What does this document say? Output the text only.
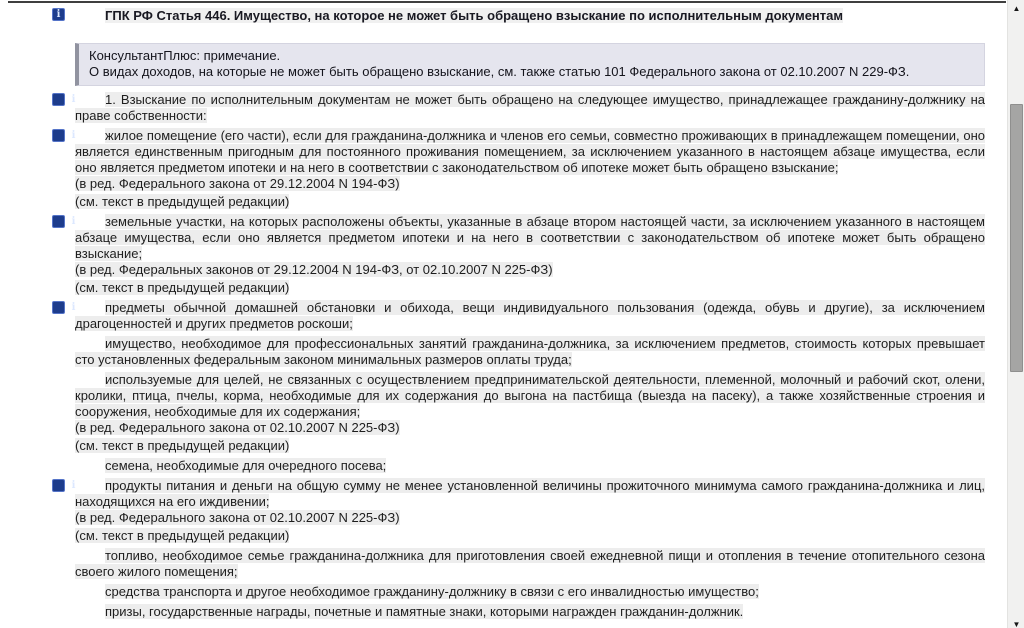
i	ГПК РФ Статья 446. Имущество, на которое не может быть обращено взыскание по исполнительным документам

КонсультантПлюс: примечание.

О видах доходов, на которые не может быть обращено взыскание, см. также статью 101 Федерального закона от 02.10.2007 N 229-ФЗ.

i 1. Взыскание по исполнительным документам не может быть обращено на следующее имущество, принадлежащее гражданину-должнику на праве собственности:
i жилое помещение (его части), если для гражданина-должника и членов его семьи, совместно проживающих в принадлежащем помещении, оно является единственным пригодным для постоянного проживания помещением, за исключением указанного в настоящем абзаце имущества, если оно является предметом ипотеки и на него в соответствии с законодательством об ипотеке может быть обращено взыскание;
(в ред. Федерального закона от 29.12.2004 N 194-ФЗ)
(см. текст в предыдущей редакции)
i земельные участки, на которых расположены объекты, указанные в абзаце втором настоящей части, за исключением указанного в настоящем абзаце имущества, если оно является предметом ипотеки и на него в соответствии с законодательством об ипотеке может быть обращено взыскание;
(в ред. Федеральных законов от 29.12.2004 N 194-ФЗ, от 02.10.2007 N 225-ФЗ)
(см. текст в предыдущей редакции)
i предметы обычной домашней обстановки и обихода, вещи индивидуального пользования (одежда, обувь и другие), за исключением драгоценностей и других предметов роскоши;
имущество, необходимое для профессиональных занятий гражданина-должника, за исключением предметов, стоимость которых превышает сто установленных федеральным законом минимальных размеров оплаты труда;
используемые для целей, не связанных с осуществлением предпринимательской деятельности, племенной, молочный и рабочий скот, олени, кролики, птица, пчелы, корма, необходимые для их содержания до выгона на пастбища (выезда на пасеку), а также хозяйственные строения и сооружения, необходимые для их содержания;
(в ред. Федерального закона от 02.10.2007 N 225-ФЗ)
(см. текст в предыдущей редакции)
семена, необходимые для очередного посева;
i продукты питания и деньги на общую сумму не менее установленной величины прожиточного минимума самого гражданина-должника и лиц, находящихся на его иждивении;
(в ред. Федерального закона от 02.10.2007 N 225-ФЗ)
(см. текст в предыдущей редакции)
топливо, необходимое семье гражданина-должника для приготовления своей ежедневной пищи и отопления в течение отопительного сезона своего жилого помещения;
средства транспорта и другое необходимое гражданину-должнику в связи с его инвалидностью имущество;
призы, государственные награды, почетные и памятные знаки, которыми награжден гражданин-должник.
▲
▼
